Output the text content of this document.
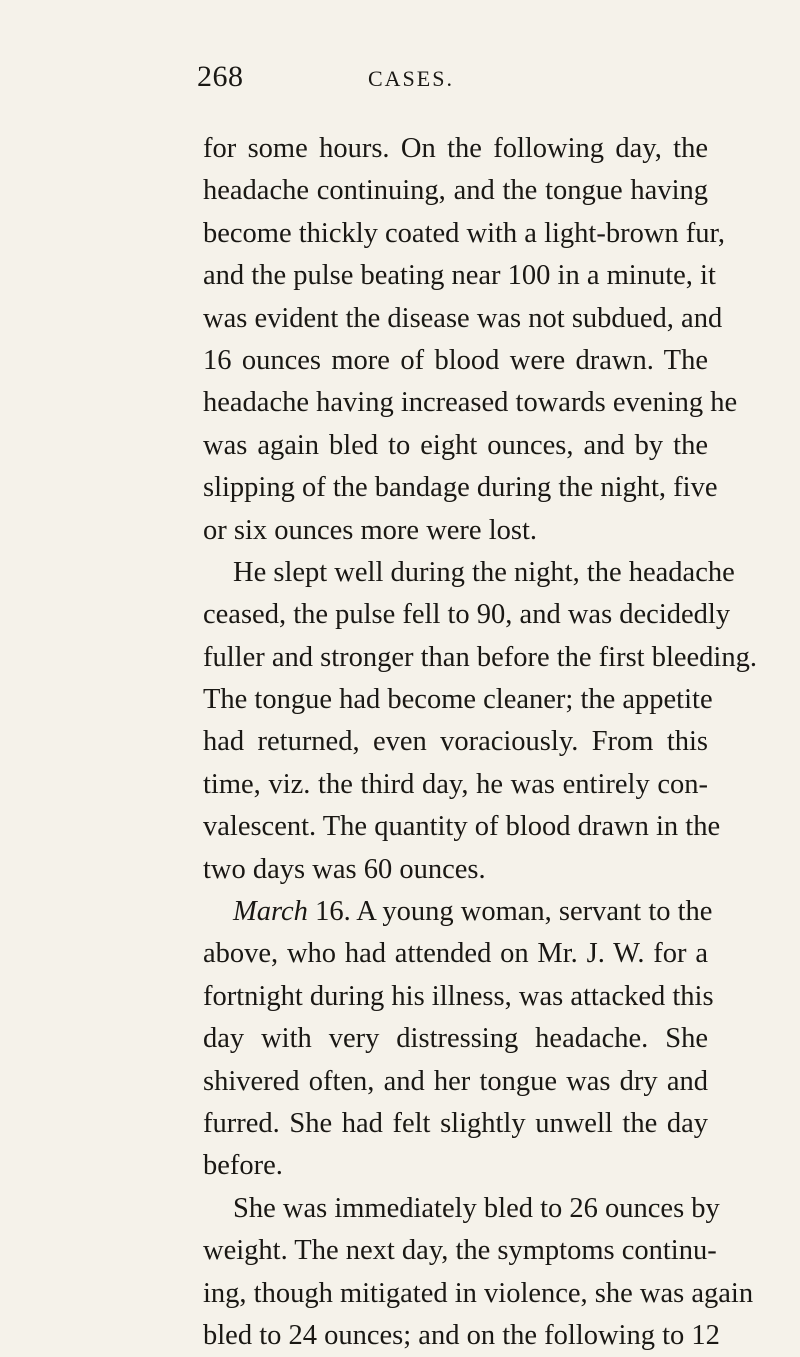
268	CASES.
for some hours. On the following day, the
headache continuing, and the tongue having
become thickly coated with a light-brown fur,
and the pulse beating near 100 in a minute, it
was evident the disease was not subdued, and
16 ounces more of blood were drawn. The
headache having increased towards evening he
was again bled to eight ounces, and by the
slipping of the bandage during the night, five
or six ounces more were lost.
He slept well during the night, the headache
ceased, the pulse fell to 90, and was decidedly
fuller and stronger than before the first bleeding.
The tongue had become cleaner; the appetite
had returned, even voraciously. From this
time, viz. the third day, he was entirely con-
valescent. The quantity of blood drawn in the
two days was 60 ounces.
March 16. A young woman, servant to the
above, who had attended on Mr. J. W. for a
fortnight during his illness, was attacked this
day with very distressing headache. She
shivered often, and her tongue was dry and
furred. She had felt slightly unwell the day
before.
She was immediately bled to 26 ounces by
weight. The next day, the symptoms continu-
ing, though mitigated in violence, she was again
bled to 24 ounces; and on the following to 12
